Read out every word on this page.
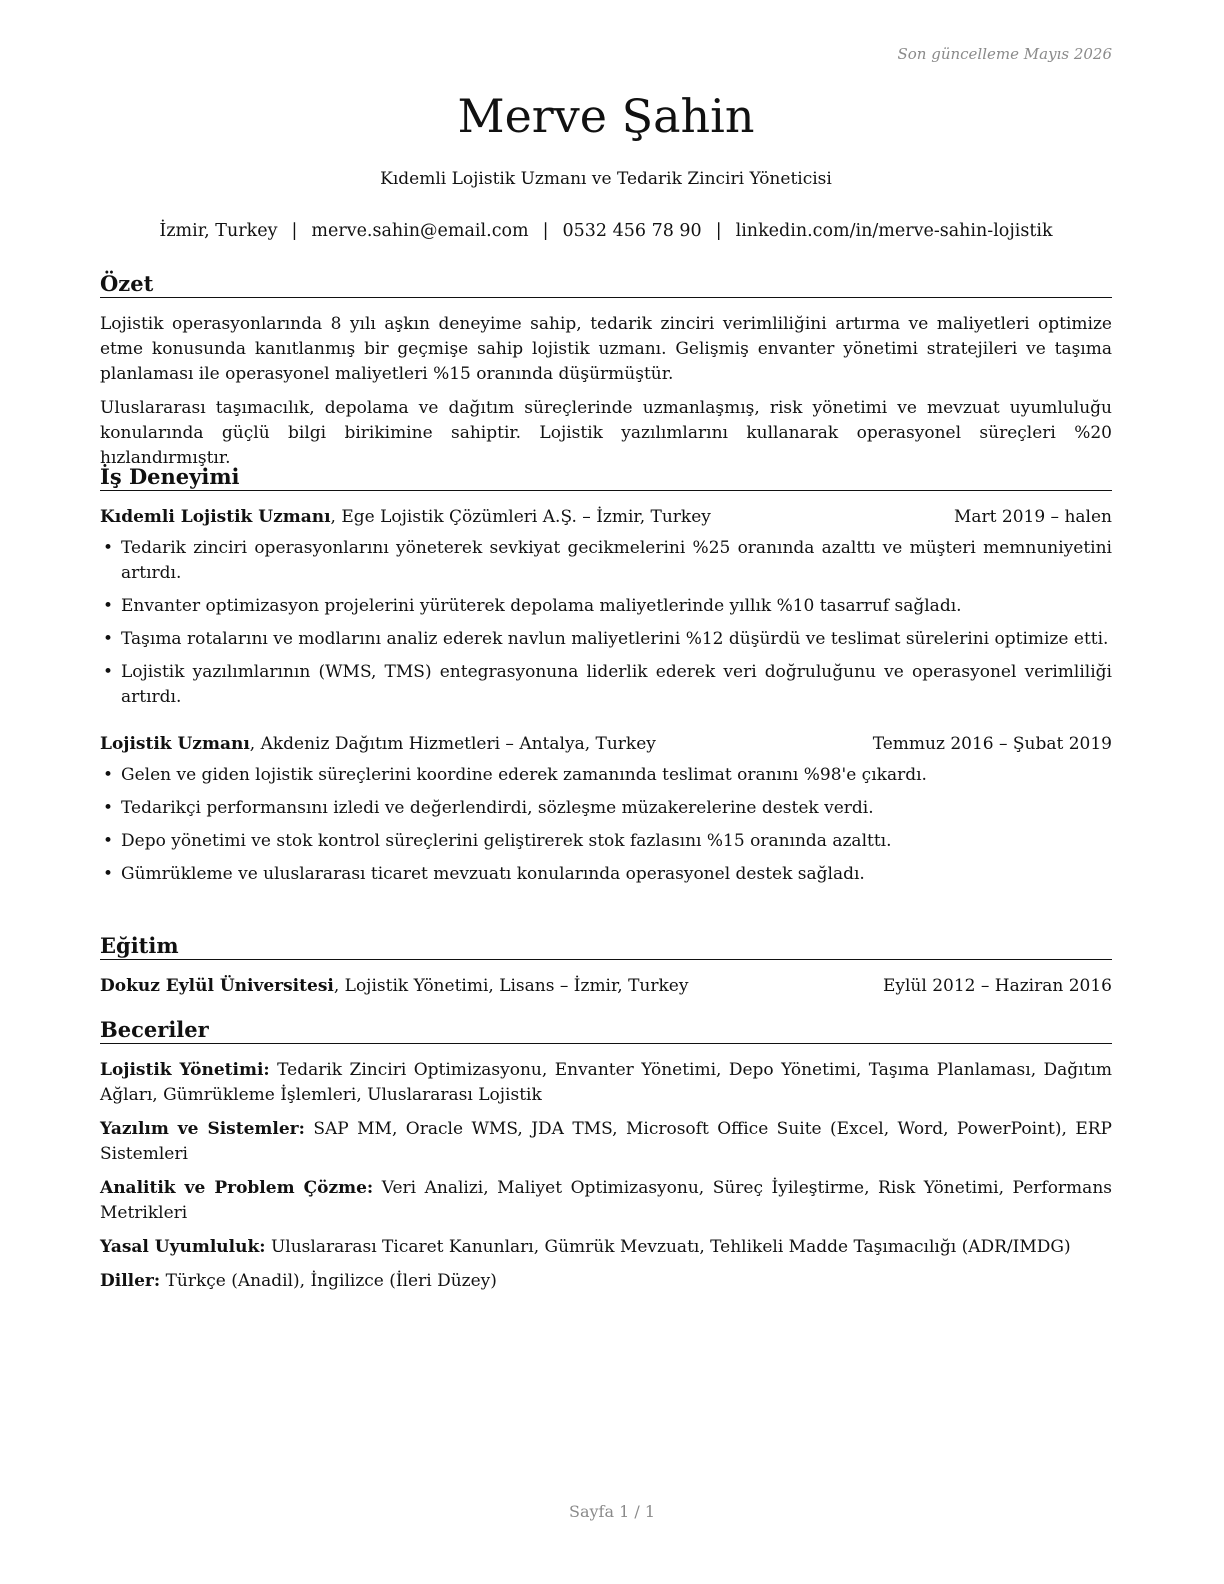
Son güncelleme Mayıs 2026
Merve Şahin
Kıdemli Lojistik Uzmanı ve Tedarik Zinciri Yöneticisi
İzmir, Turkey | merve.sahin@email.com | 0532 456 78 90 | linkedin.com/in/merve-sahin-lojistik
Özet

Lojistik operasyonlarında 8 yılı aşkın deneyime sahip, tedarik zinciri verimliliğini artırma ve maliyetleri optimize etme konusunda kanıtlanmış bir geçmişe sahip lojistik uzmanı. Gelişmiş envanter yönetimi stratejileri ve taşıma planlaması ile operasyonel maliyetleri %15 oranında düşürmüştür.

Uluslararası taşımacılık, depolama ve dağıtım süreçlerinde uzmanlaşmış, risk yönetimi ve mevzuat uyumluluğu konularında güçlü bilgi birikimine sahiptir. Lojistik yazılımlarını kullanarak operasyonel süreçleri %20 hızlandırmıştır.

İş Deneyimi
Kıdemli Lojistik Uzmanı, Ege Lojistik Çözümleri A.Ş. – İzmir, Turkey	Mart 2019 – halen
• Tedarik zinciri operasyonlarını yöneterek sevkiyat gecikmelerini %25 oranında azalttı ve müşteri memnuniyetini artırdı.
• Envanter optimizasyon projelerini yürüterek depolama maliyetlerinde yıllık %10 tasarruf sağladı.
• Taşıma rotalarını ve modlarını analiz ederek navlun maliyetlerini %12 düşürdü ve teslimat sürelerini optimize etti.
• Lojistik yazılımlarının (WMS, TMS) entegrasyonuna liderlik ederek veri doğruluğunu ve operasyonel verimliliği artırdı.
Lojistik Uzmanı, Akdeniz Dağıtım Hizmetleri – Antalya, Turkey	Temmuz 2016 – Şubat 2019
• Gelen ve giden lojistik süreçlerini koordine ederek zamanında teslimat oranını %98'e çıkardı.
• Tedarikçi performansını izledi ve değerlendirdi, sözleşme müzakerelerine destek verdi.
• Depo yönetimi ve stok kontrol süreçlerini geliştirerek stok fazlasını %15 oranında azalttı.
• Gümrükleme ve uluslararası ticaret mevzuatı konularında operasyonel destek sağladı.
Eğitim
Dokuz Eylül Üniversitesi, Lojistik Yönetimi, Lisans – İzmir, Turkey	Eylül 2012 – Haziran 2016
Beceriler

Lojistik Yönetimi: Tedarik Zinciri Optimizasyonu, Envanter Yönetimi, Depo Yönetimi, Taşıma Planlaması, Dağıtım Ağları, Gümrükleme İşlemleri, Uluslararası Lojistik

Yazılım ve Sistemler: SAP MM, Oracle WMS, JDA TMS, Microsoft Office Suite (Excel, Word, PowerPoint), ERP Sistemleri

Analitik ve Problem Çözme: Veri Analizi, Maliyet Optimizasyonu, Süreç İyileştirme, Risk Yönetimi, Performans Metrikleri

Yasal Uyumluluk: Uluslararası Ticaret Kanunları, Gümrük Mevzuatı, Tehlikeli Madde Taşımacılığı (ADR/IMDG)

Diller: Türkçe (Anadil), İngilizce (İleri Düzey)

Sayfa 1 / 1
